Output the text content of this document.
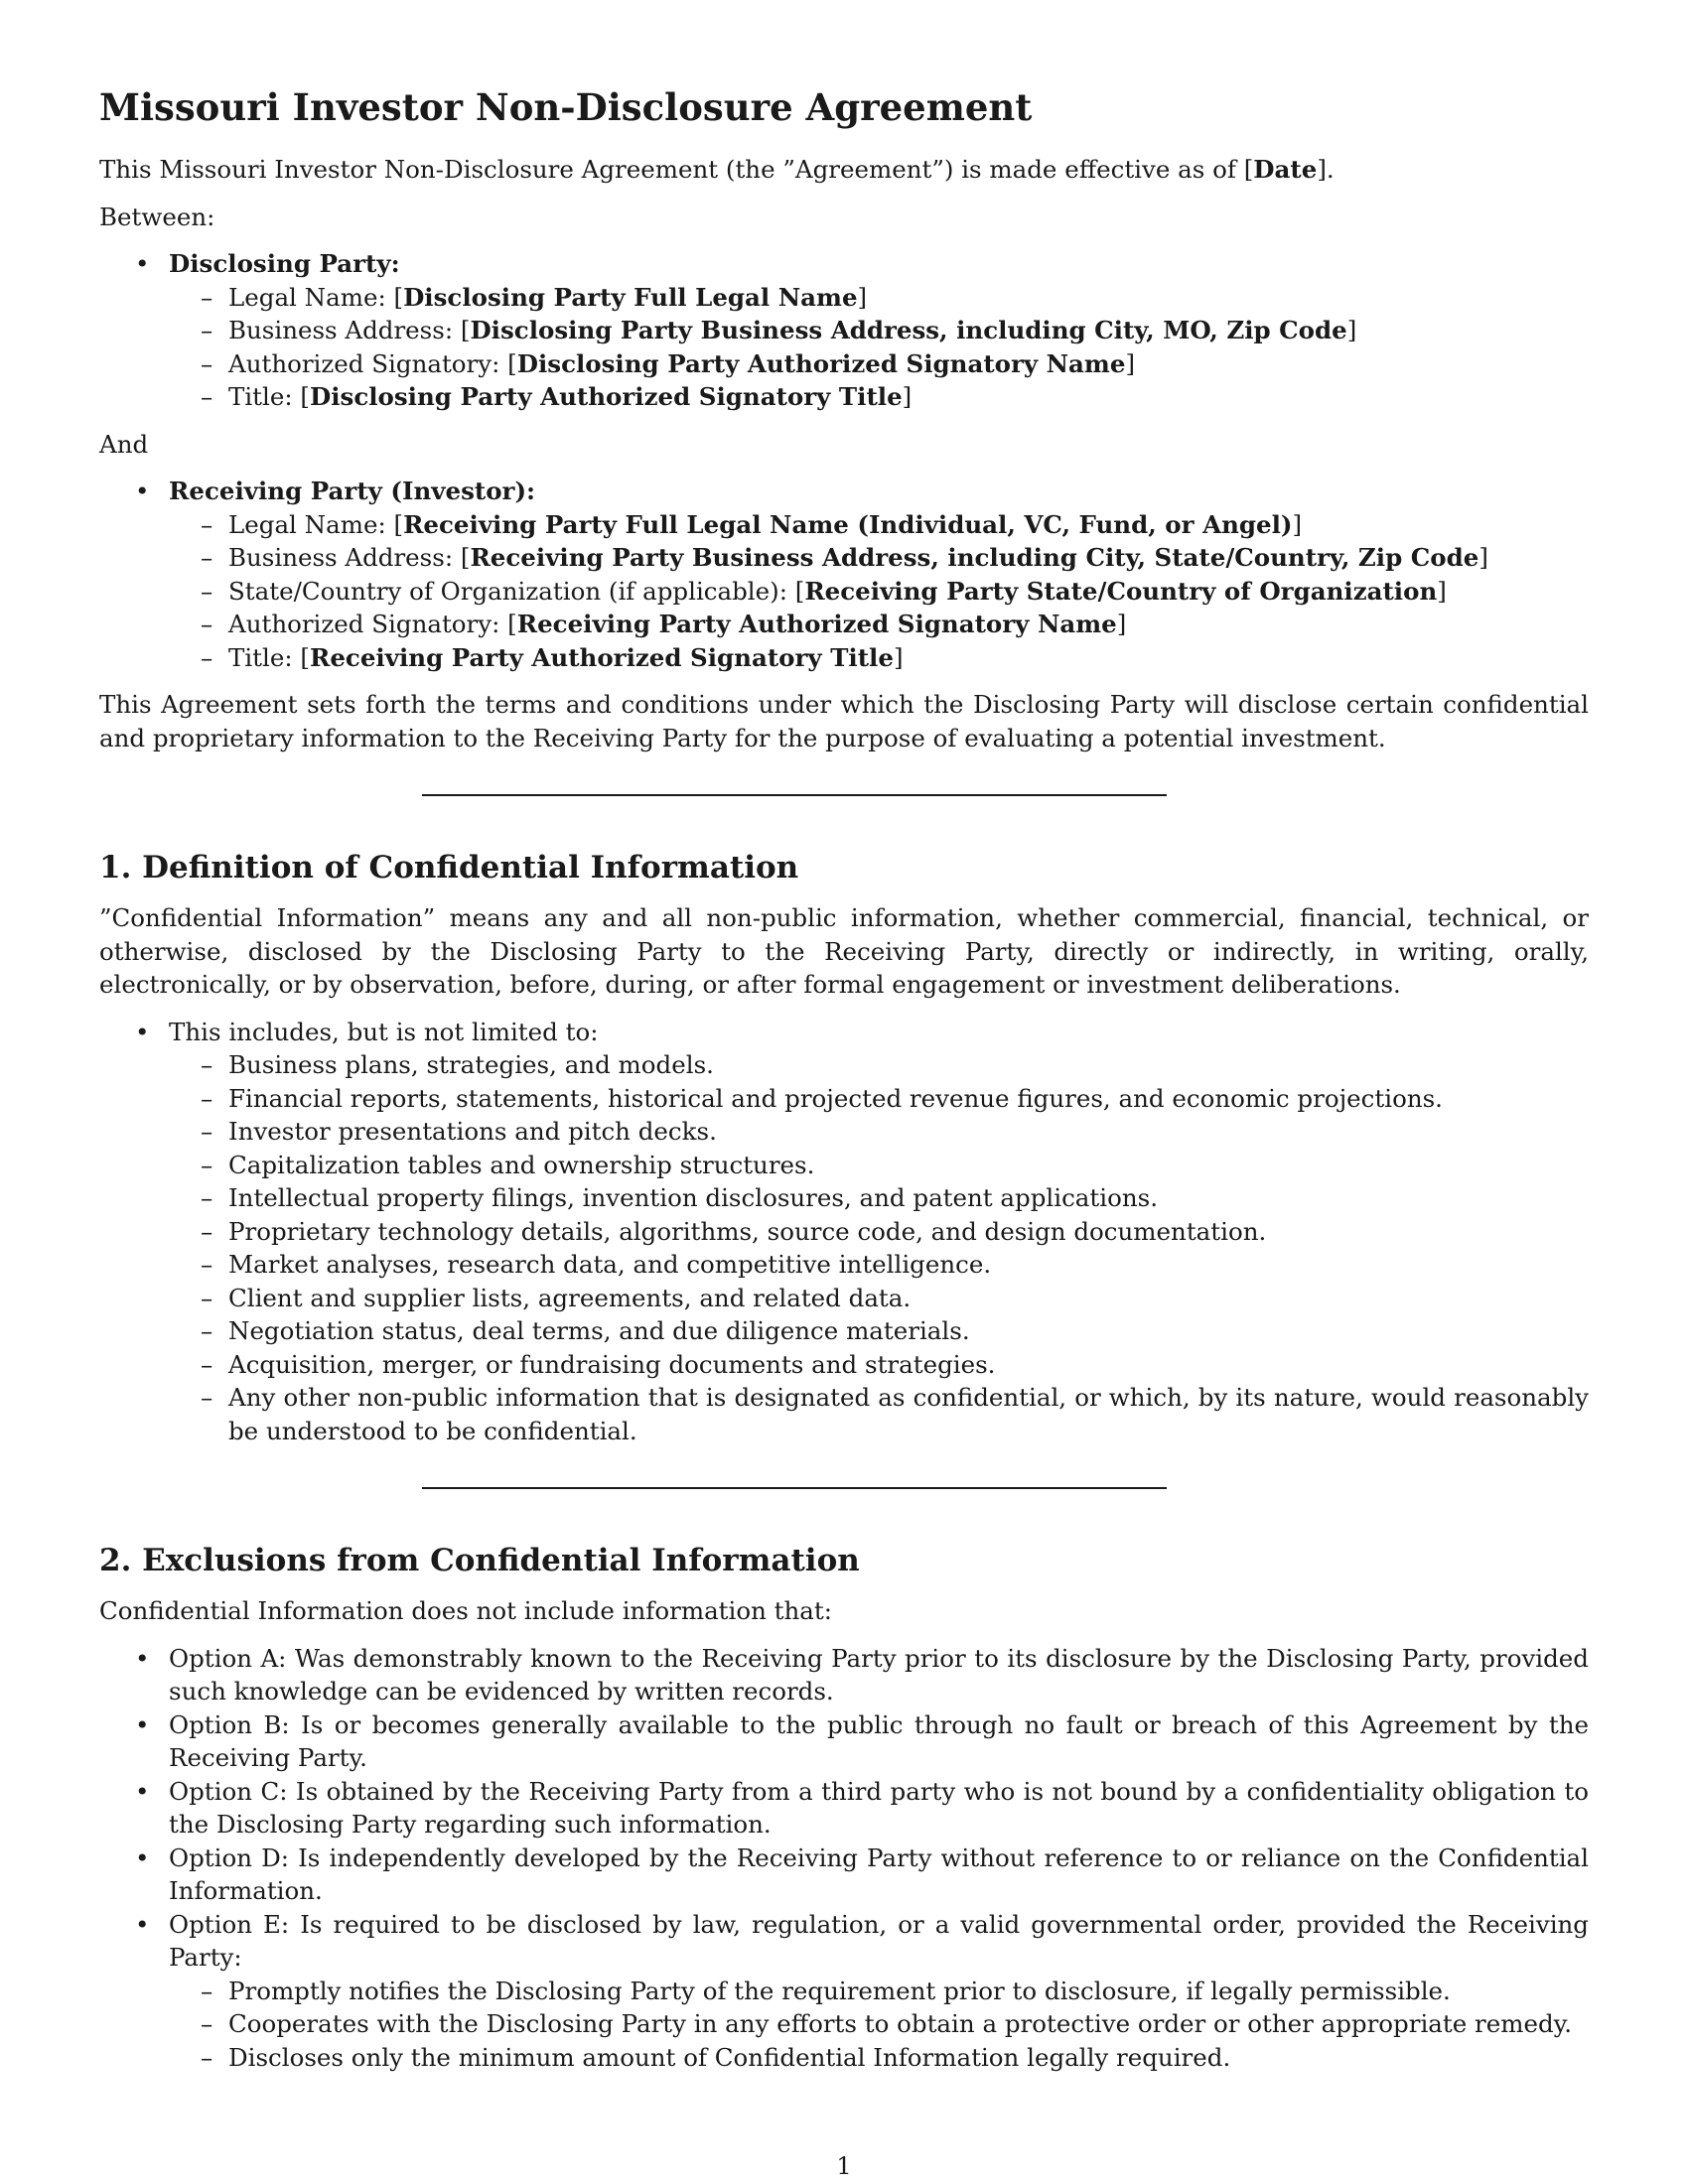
Missouri Investor Non-Disclosure Agreement

This Missouri Investor Non-Disclosure Agreement (the ”Agreement”) is made effective as of [Date].

Between:

• Disclosing Party:
– Legal Name: [Disclosing Party Full Legal Name]
– Business Address: [Disclosing Party Business Address, including City, MO, Zip Code]
– Authorized Signatory: [Disclosing Party Authorized Signatory Name]
– Title: [Disclosing Party Authorized Signatory Title]

And

• Receiving Party (Investor):
– Legal Name: [Receiving Party Full Legal Name (Individual, VC, Fund, or Angel)]
– Business Address: [Receiving Party Business Address, including City, State/Country, Zip Code]
– State/Country of Organization (if applicable): [Receiving Party State/Country of Organization]
– Authorized Signatory: [Receiving Party Authorized Signatory Name]
– Title: [Receiving Party Authorized Signatory Title]

This Agreement sets forth the terms and conditions under which the Disclosing Party will disclose certain confidential and proprietary information to the Receiving Party for the purpose of evaluating a potential investment.

1. Definition of Confidential Information

”Confidential Information” means any and all non-public information, whether commercial, financial, technical, or otherwise, disclosed by the Disclosing Party to the Receiving Party, directly or indirectly, in writing, orally, electronically, or by observation, before, during, or after formal engagement or investment deliberations.

• This includes, but is not limited to:
– Business plans, strategies, and models.
– Financial reports, statements, historical and projected revenue figures, and economic projections.
– Investor presentations and pitch decks.
– Capitalization tables and ownership structures.
– Intellectual property filings, invention disclosures, and patent applications.
– Proprietary technology details, algorithms, source code, and design documentation.
– Market analyses, research data, and competitive intelligence.
– Client and supplier lists, agreements, and related data.
– Negotiation status, deal terms, and due diligence materials.
– Acquisition, merger, or fundraising documents and strategies.
– Any other non-public information that is designated as confidential, or which, by its nature, would reasonably be understood to be confidential.
2. Exclusions from Confidential Information

Confidential Information does not include information that:

• Option A: Was demonstrably known to the Receiving Party prior to its disclosure by the Disclosing Party, provided such knowledge can be evidenced by written records.
• Option B: Is or becomes generally available to the public through no fault or breach of this Agreement by the Receiving Party.
• Option C: Is obtained by the Receiving Party from a third party who is not bound by a confidentiality obligation to the Disclosing Party regarding such information.
• Option D: Is independently developed by the Receiving Party without reference to or reliance on the Confidential Information.
• Option E: Is required to be disclosed by law, regulation, or a valid governmental order, provided the Receiving Party:
– Promptly notifies the Disclosing Party of the requirement prior to disclosure, if legally permissible.
– Cooperates with the Disclosing Party in any efforts to obtain a protective order or other appropriate remedy.
– Discloses only the minimum amount of Confidential Information legally required.
1
